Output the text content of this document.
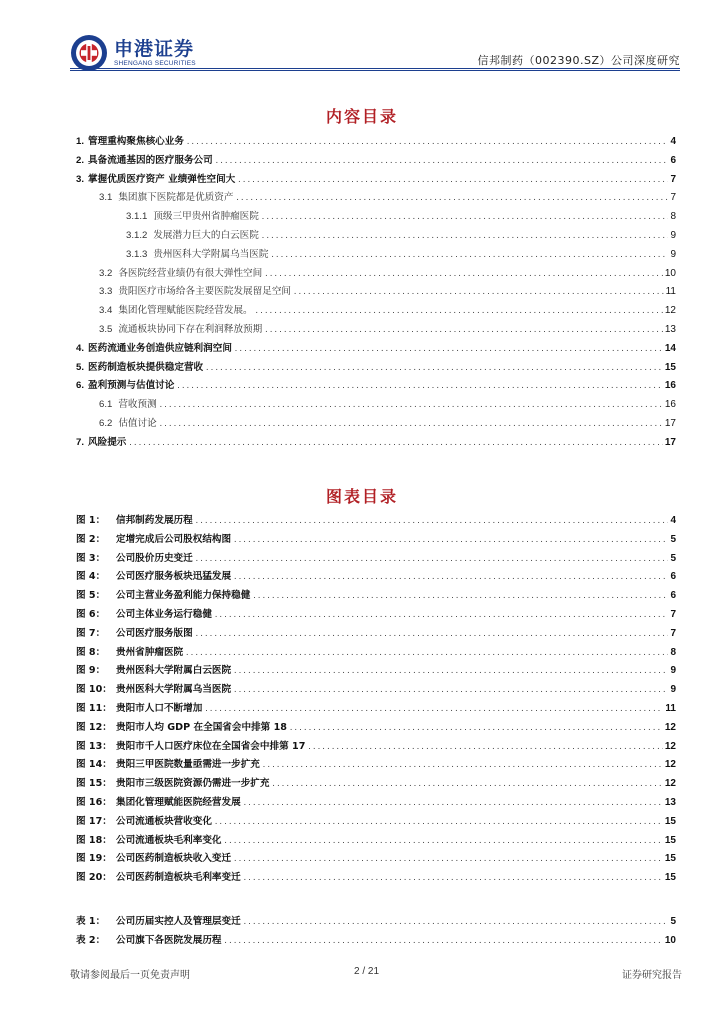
申港证券
SHENGANG SECURITIES	信邦制药（002390.SZ）公司深度研究
内容目录
1. 管理重构聚焦核心业务 .....	4
2. 具备流通基因的医疗服务公司 .....	6
3. 掌握优质医疗资产 业绩弹性空间大 .....	7
3.1 集团旗下医院都是优质资产 .....	7
3.1.1 顶级三甲贵州省肿瘤医院 .....	8
3.1.2 发展潜力巨大的白云医院 .....	9
3.1.3 贵州医科大学附属乌当医院 .....	9
3.2 各医院经营业绩仍有很大弹性空间 .....	10
3.3 贵阳医疗市场给各主要医院发展留足空间 .....	11
3.4 集团化管理赋能医院经营发展。 .....	12
3.5 流通板块协同下存在利润释放预期 .....	13
4. 医药流通业务创造供应链利润空间 .....	14
5. 医药制造板块提供稳定营收 .....	15
6. 盈利预测与估值讨论 .....	16
6.1 营收预测 .....	16
6.2 估值讨论 .....	17
7. 风险提示 .....	17
图表目录
图 1： 信邦制药发展历程 .....	4
图 2： 定增完成后公司股权结构图 .....	5
图 3： 公司股价历史变迁 .....	5
图 4： 公司医疗服务板块迅猛发展 .....	6
图 5： 公司主营业务盈利能力保持稳健 .....	6
图 6： 公司主体业务运行稳健 .....	7
图 7： 公司医疗服务版图 .....	7
图 8： 贵州省肿瘤医院 .....	8
图 9： 贵州医科大学附属白云医院 .....	9
图 10： 贵州医科大学附属乌当医院 .....	9
图 11： 贵阳市人口不断增加 .....	11
图 12： 贵阳市人均 GDP 在全国省会中排第 18 .....	12
图 13： 贵阳市千人口医疗床位在全国省会中排第 17 .....	12
图 14： 贵阳三甲医院数量亟需进一步扩充 .....	12
图 15： 贵阳市三级医院资源仍需进一步扩充 .....	12
图 16： 集团化管理赋能医院经营发展 .....	13
图 17： 公司流通板块营收变化 .....	15
图 18： 公司流通板块毛利率变化 .....	15
图 19： 公司医药制造板块收入变迁 .....	15
图 20： 公司医药制造板块毛利率变迁 .....	15
表 1： 公司历届实控人及管理层变迁 .....	5
表 2： 公司旗下各医院发展历程 .....	10
敬请参阅最后一页免责声明	2 / 21	证券研究报告
